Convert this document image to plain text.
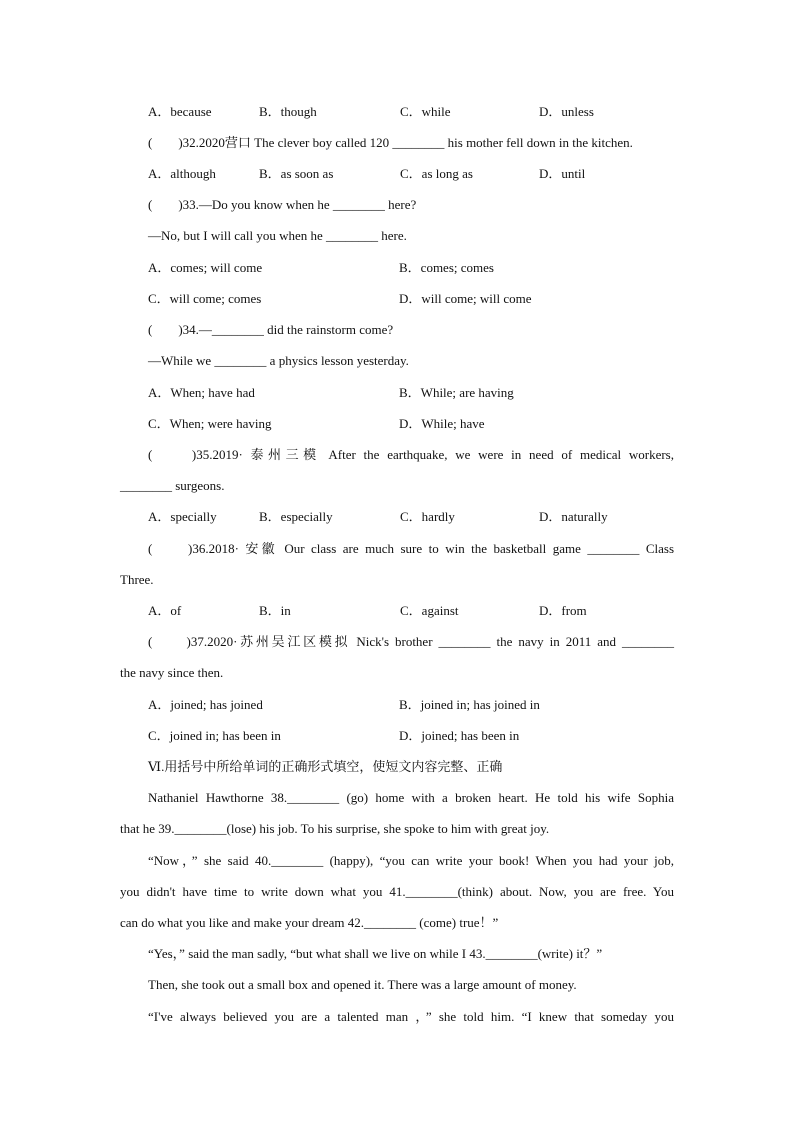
A．because	B．though	C．while	D．unless
(　　)32.2020营口 The clever boy called 120 ________ his mother fell down in the kitchen.
A．although	B．as soon as	C．as long as	D．until
(　　)33.—Do you know when he ________ here?
—No, but I will call you when he ________ here.
A．comes; will come	B．comes; comes
C．will come; comes	D．will come; will come
(　　)34.—________ did the rainstorm come?
—While we ________ a physics lesson yesterday.
A．When; have had	B．While; are having
C．When; were having	D．While; have
(　　)35.2019· 泰州三模 After the earthquake, we were in need of medical workers,
________ surgeons.
A．specially	B．especially	C．hardly	D．naturally
(　　)36.2018· 安徽 Our class are much sure to win the basketball game ________ Class
Three.
A．of	B．in	C．against	D．from
(　　)37.2020·苏州吴江区模拟 Nick's brother ________ the navy in 2011 and ________
the navy since then.
A．joined; has joined	B．joined in; has joined in
C．joined in; has been in	D．joined; has been in
Ⅵ.用括号中所给单词的正确形式填空，使短文内容完整、正确
Nathaniel Hawthorne 38.________ (go) home with a broken heart. He told his wife Sophia
that he 39.________(lose) his job. To his surprise, she spoke to him with great joy.
“Now，” she said 40.________ (happy), “you can write your book! When you had your job,
you didn't have time to write down what you 41.________(think) about. Now, you are free. You
can do what you like and make your dream 42.________ (come) true！”
“Yes，” said the man sadly, “but what shall we live on while I 43.________(write) it？”
Then, she took out a small box and opened it. There was a large amount of money.
“I've always believed you are a talented man ，” she told him. “I knew that someday you
